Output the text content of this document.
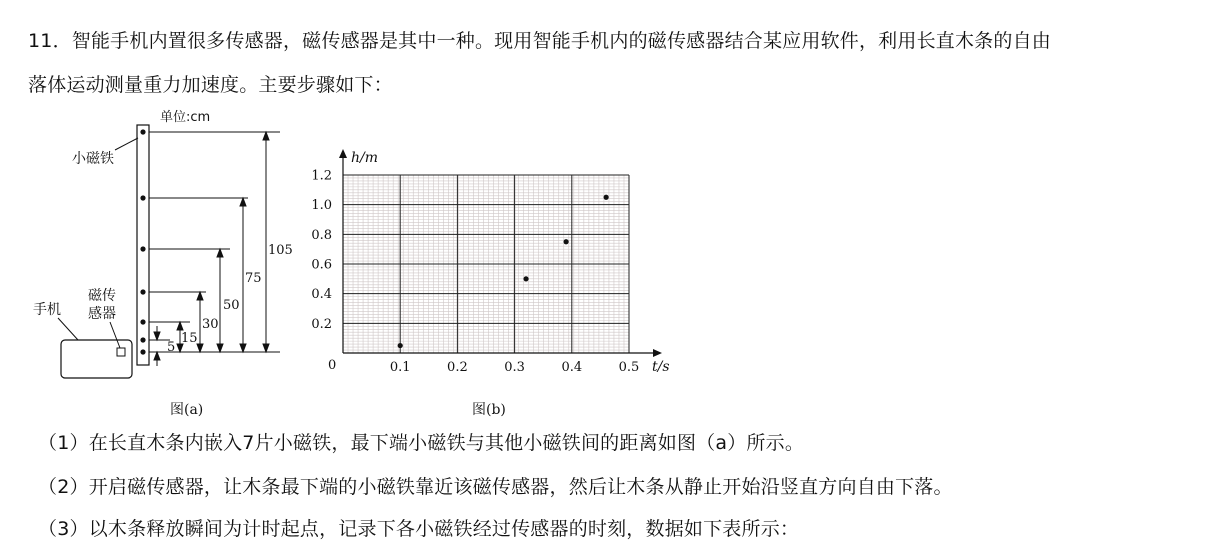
11．智能手机内置很多传感器，磁传感器是其中一种。现用智能手机内的磁传感器结合某应用软件，利用长直木条的自由
落体运动测量重力加速度。主要步骤如下：
105
75
50
30
15
5
单位:cm
小磁铁
手机
磁传
感器
图(a)
0.1	0.2	0.3	0.4	0.5
0.2
0.4
0.6
0.8
1.0
1.2
h/m
t/s
0
图(b)
（1）在长直木条内嵌入7片小磁铁，最下端小磁铁与其他小磁铁间的距离如图（a）所示。
（2）开启磁传感器，让木条最下端的小磁铁靠近该磁传感器，然后让木条从静止开始沿竖直方向自由下落。
（3）以木条释放瞬间为计时起点，记录下各小磁铁经过传感器的时刻，数据如下表所示：
